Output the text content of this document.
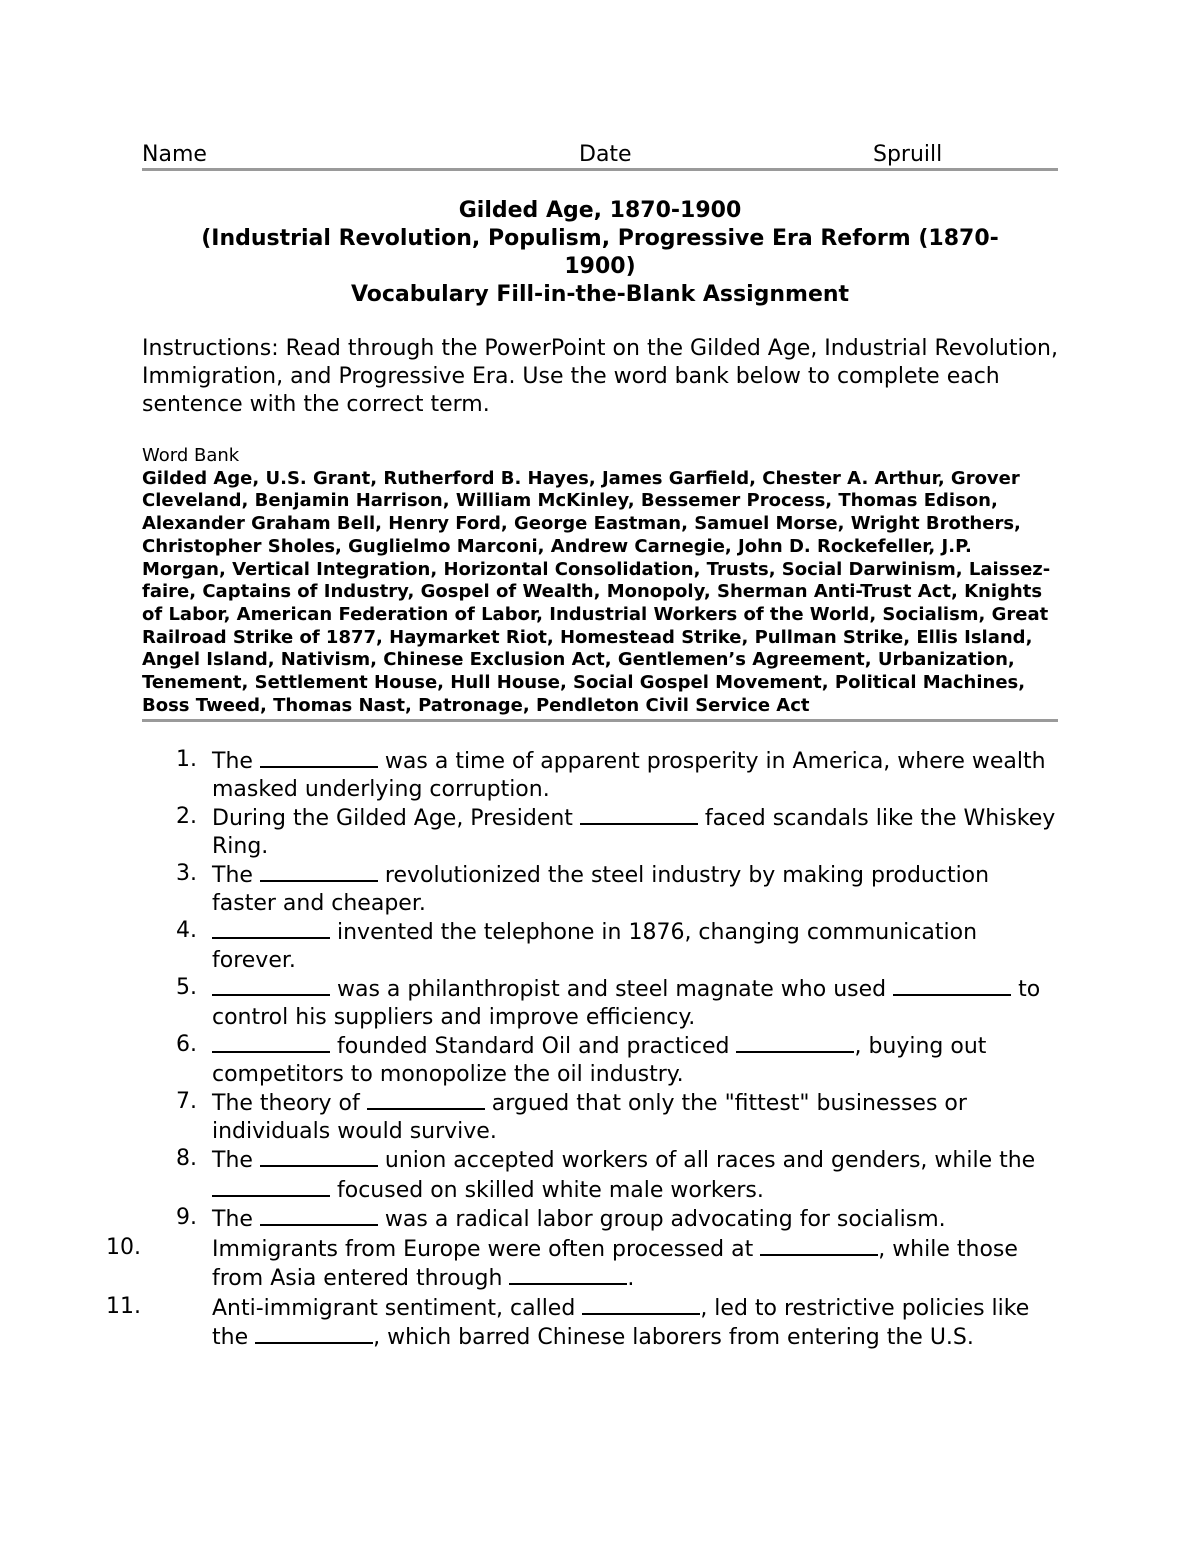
Name	Date	Spruill
Gilded Age, 1870-1900
(Industrial Revolution, Populism, Progressive Era Reform (1870-1900)
Vocabulary Fill-in-the-Blank Assignment
Instructions: Read through the PowerPoint on the Gilded Age, Industrial Revolution, Immigration, and Progressive Era. Use the word bank below to complete each sentence with the correct term.
Word Bank
Gilded Age, U.S. Grant, Rutherford B. Hayes, James Garfield, Chester A. Arthur, Grover Cleveland, Benjamin Harrison, William McKinley, Bessemer Process, Thomas Edison, Alexander Graham Bell, Henry Ford, George Eastman, Samuel Morse, Wright Brothers, Christopher Sholes, Guglielmo Marconi, Andrew Carnegie, John D. Rockefeller, J.P. Morgan, Vertical Integration, Horizontal Consolidation, Trusts, Social Darwinism, Laissez-faire, Captains of Industry, Gospel of Wealth, Monopoly, Sherman Anti-Trust Act, Knights of Labor, American Federation of Labor, Industrial Workers of the World, Socialism, Great Railroad Strike of 1877, Haymarket Riot, Homestead Strike, Pullman Strike, Ellis Island, Angel Island, Nativism, Chinese Exclusion Act, Gentlemen’s Agreement, Urbanization, Tenement, Settlement House, Hull House, Social Gospel Movement, Political Machines, Boss Tweed, Thomas Nast, Patronage, Pendleton Civil Service Act
1. The	was a time of apparent prosperity in America, where wealth masked underlying corruption.
2. During the Gilded Age, President	faced scandals like the Whiskey Ring.
3. The	revolutionized the steel industry by making production faster and cheaper.
4.	invented the telephone in 1876, changing communication forever.
5.	was a philanthropist and steel magnate who used	to control his suppliers and improve efficiency.
6.	founded Standard Oil and practiced	, buying out competitors to monopolize the oil industry.
7. The theory of	argued that only the "fittest" businesses or individuals would survive.
8. The	union accepted workers of all races and genders, while the  focused on skilled white male workers.
9. The	was a radical labor group advocating for socialism.
10.	Immigrants from Europe were often processed at	, while those from Asia entered through	.
11.	Anti-immigrant sentiment, called	, led to restrictive policies like the	, which barred Chinese laborers from entering the U.S.
